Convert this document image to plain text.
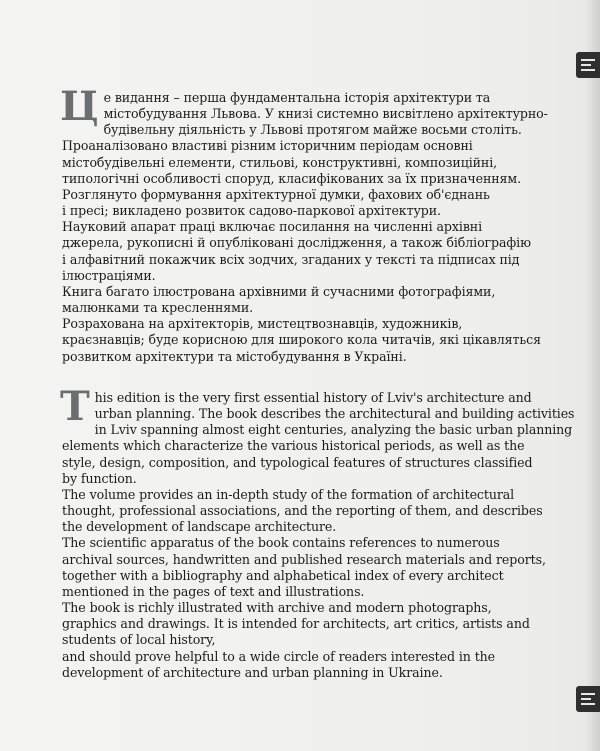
Ц е видання – перша фундаментальна історія архітектури та
містобудування Львова. У книзі системно висвітлено архітектурно-
будівельну діяльність у Львові протягом майже восьми століть.
Проаналізовано властиві різним історичним періодам основні
містобудівельні елементи, стильові, конструктивні, композиційні,
типологічні особливості споруд, класифікованих за їх призначенням.
Розглянуто формування архітектурної думки, фахових об'єднань
і пресі; викладено розвиток садово-паркової архітектури.
Науковий апарат праці включає посилання на численні архівні
джерела, рукописні й опубліковані дослідження, а також бібліографію
і алфавітний покажчик всіх зодчих, згаданих у тексті та підписах під
ілюстраціями.
Книга багато ілюстрована архівними й сучасними фотографіями,
малюнками та кресленнями.
Розрахована на архітекторів, мистецтвознавців, художників,
краєзнавців; буде корисною для широкого кола читачів, які цікавляться
розвитком архітектури та містобудування в Україні.

T his edition is the very first essential history of Lviv's architecture and
urban planning. The book describes the architectural and building activities
in Lviv spanning almost eight centuries, analyzing the basic urban planning
elements which characterize the various historical periods, as well as the
style, design, composition, and typological features of structures classified
by function.
The volume provides an in-depth study of the formation of architectural
thought, professional associations, and the reporting of them, and describes
the development of landscape architecture.
The scientific apparatus of the book contains references to numerous
archival sources, handwritten and published research materials and reports,
together with a bibliography and alphabetical index of every architect
mentioned in the pages of text and illustrations.
The book is richly illustrated with archive and modern photographs,
graphics and drawings. It is intended for architects, art critics, artists and
students of local history,
and should prove helpful to a wide circle of readers interested in the
development of architecture and urban planning in Ukraine.
